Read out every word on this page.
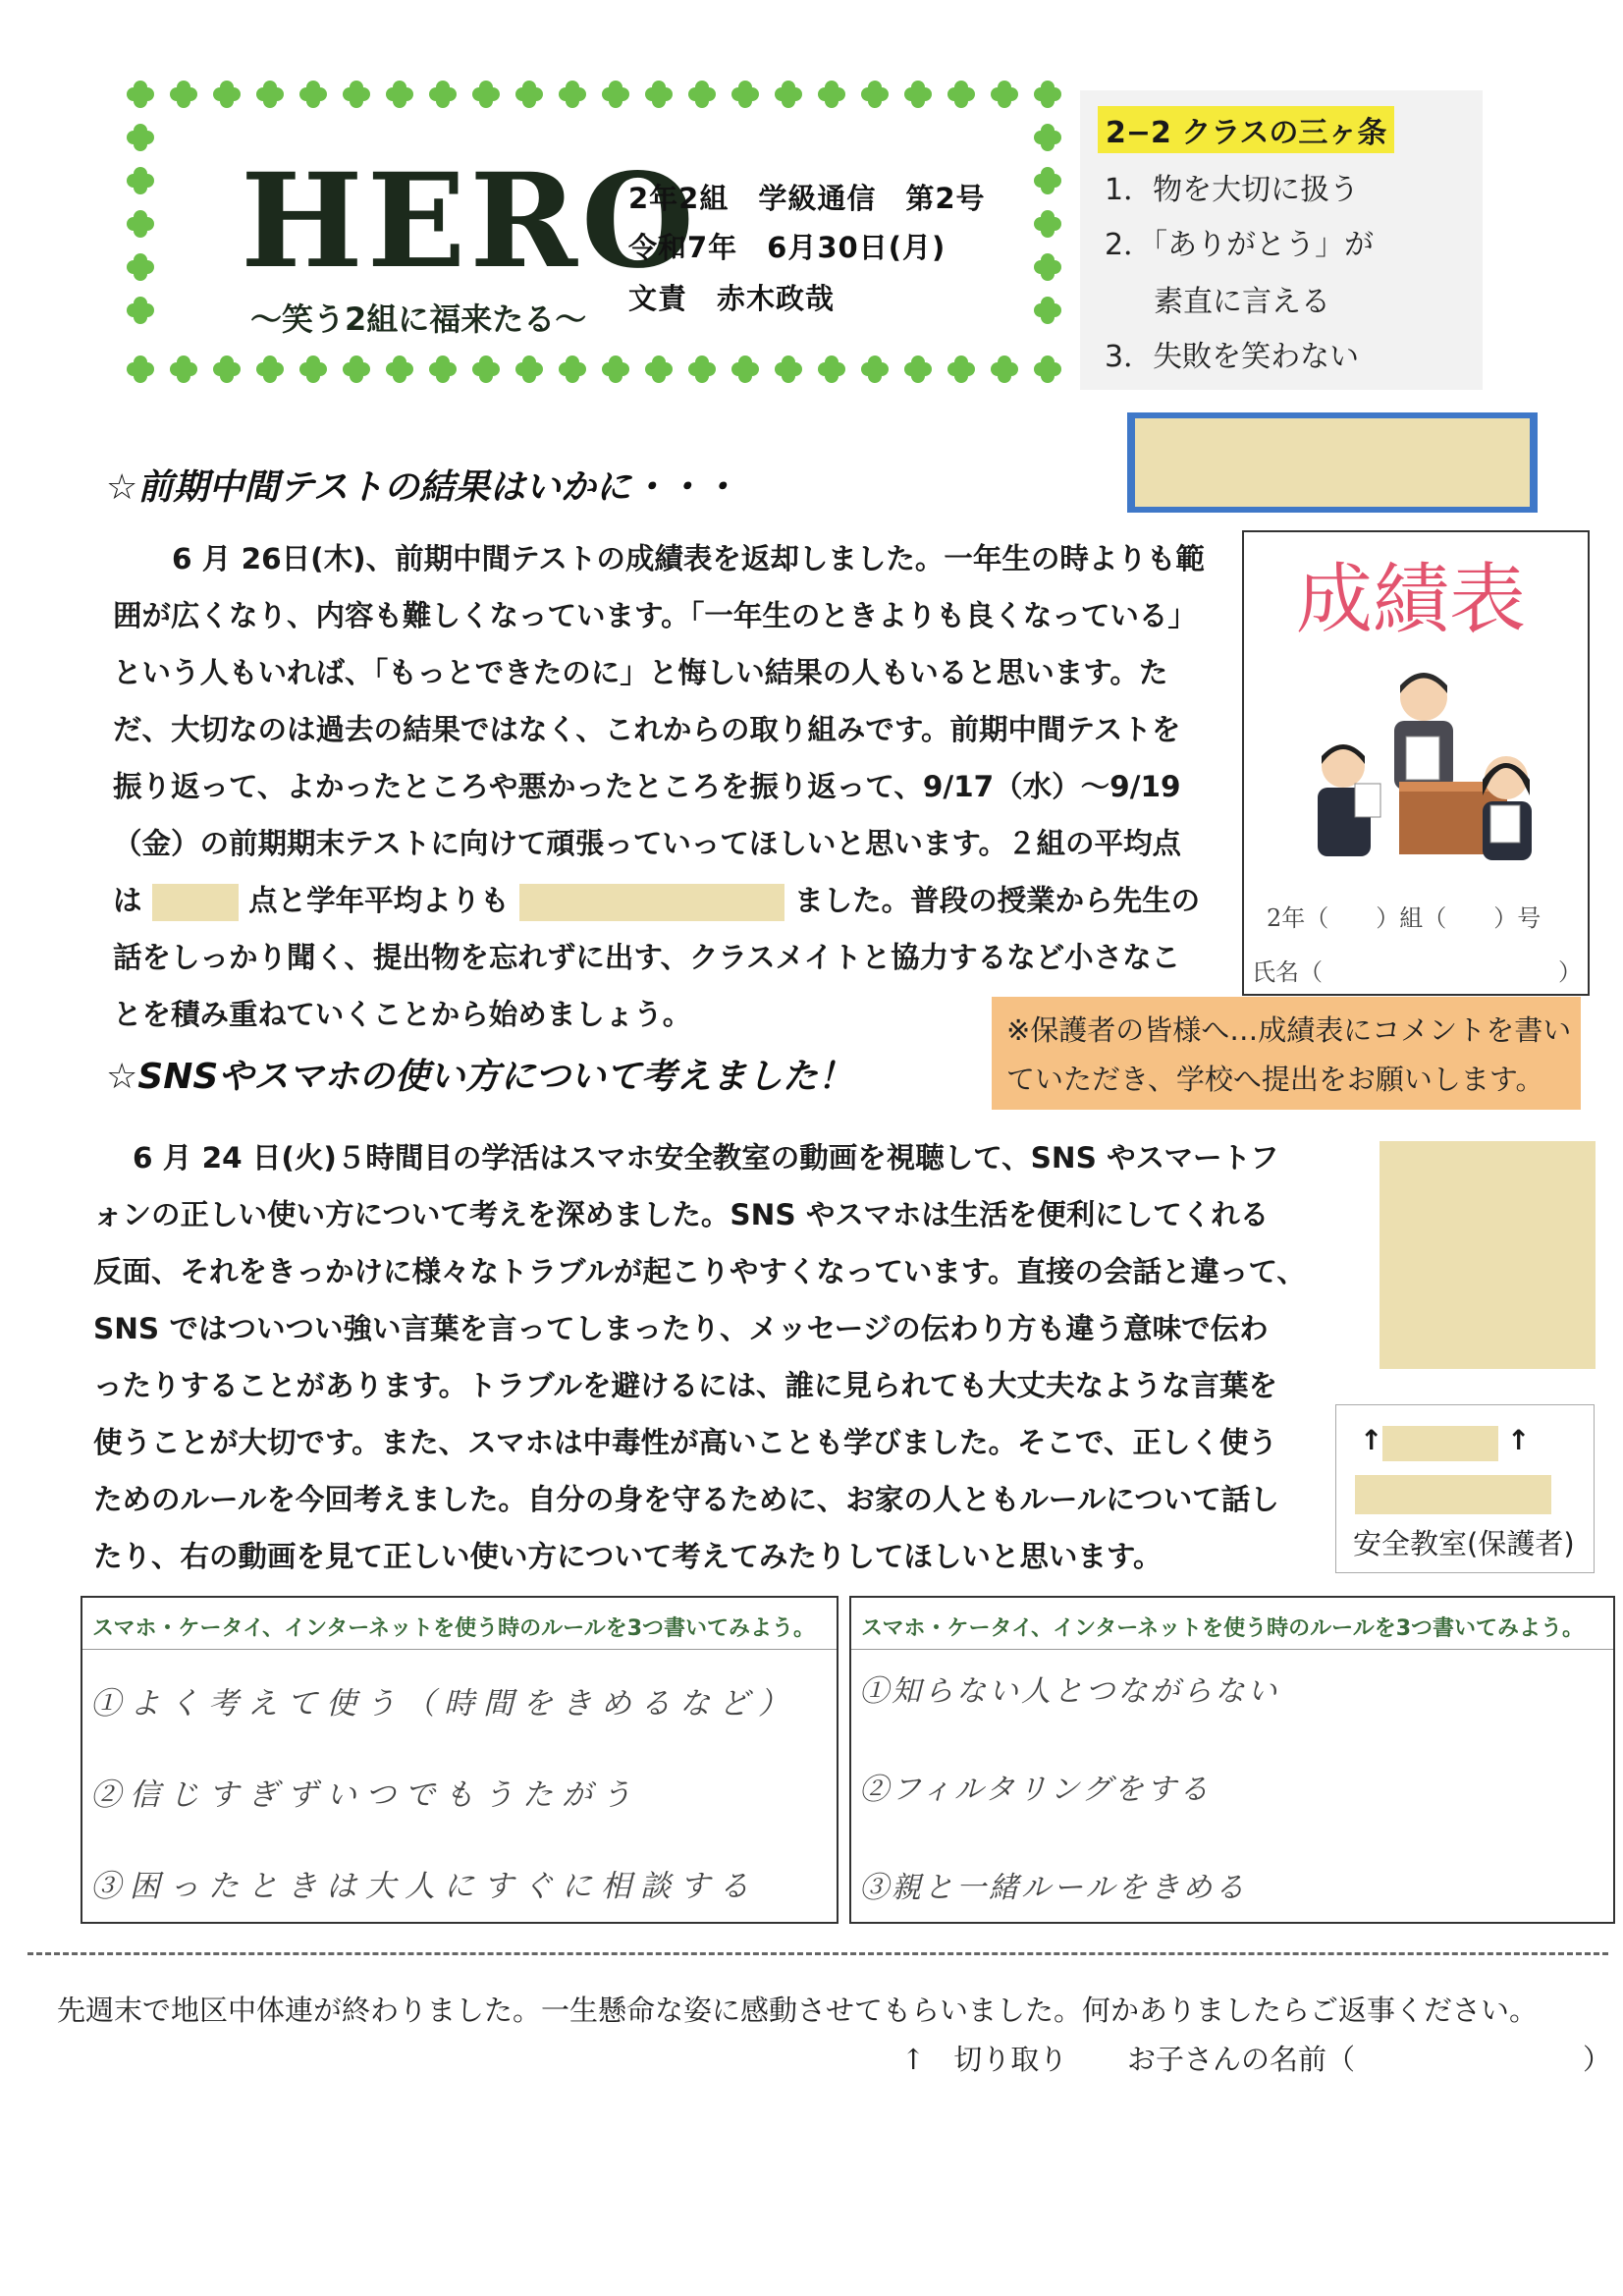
HERO
〜笑う2組に福来たる〜
2年2組　学級通信　第2号
令和7年　6月30日(月)
文責　赤木政哉
2−2 クラスの三ヶ条
1．物を大切に扱う
2．「ありがとう」が
素直に言える
3．失敗を笑わない
☆前期中間テストの結果はいかに・・・
6 月 26日(木)、前期中間テストの成績表を返却しました。一年生の時よりも範
囲が広くなり、内容も難しくなっています。「一年生のときよりも良くなっている」
という人もいれば、「もっとできたのに」と悔しい結果の人もいると思います。た
だ、大切なのは過去の結果ではなく、これからの取り組みです。前期中間テストを
振り返って、よかったところや悪かったところを振り返って、9/17（水）〜9/19
（金）の前期期末テストに向けて頑張っていってほしいと思います。２組の平均点
は	点と学年平均よりも	ました。普段の授業から先生の
話をしっかり聞く、提出物を忘れずに出す、クラスメイトと協力するなど小さなこ
とを積み重ねていくことから始めましょう。
成績表
2年（　　）組（　　）号
氏名（　　　　　　　　　　）
※保護者の皆様へ…成績表にコメントを書いていただき、学校へ提出をお願いします。
☆SNSやスマホの使い方について考えました！
6 月 24 日(火)５時間目の学活はスマホ安全教室の動画を視聴して、SNS やスマートフ
ォンの正しい使い方について考えを深めました。SNS やスマホは生活を便利にしてくれる
反面、それをきっかけに様々なトラブルが起こりやすくなっています。直接の会話と違って、
SNS ではついつい強い言葉を言ってしまったり、メッセージの伝わり方も違う意味で伝わ
ったりすることがあります。トラブルを避けるには、誰に見られても大丈夫なような言葉を
使うことが大切です。また、スマホは中毒性が高いことも学びました。そこで、正しく使う
ためのルールを今回考えました。自分の身を守るために、お家の人ともルールについて話し
たり、右の動画を見て正しい使い方について考えてみたりしてほしいと思います。
↑	↑
安全教室(保護者)
スマホ・ケータイ、インターネットを使う時のルールを3つ書いてみよう。
①よく考えて使う（時間をきめるなど）
②信じすぎずいつでもうたがう
③困ったときは大人にすぐに相談する
スマホ・ケータイ、インターネットを使う時のルールを3つ書いてみよう。
①知らない人とつながらない
②フィルタリングをする
③親と一緒ルールをきめる
先週末で地区中体連が終わりました。一生懸命な姿に感動させてもらいました。何かありましたらご返事ください。
↑　切り取り お子さんの名前（　　　　　　　　）
